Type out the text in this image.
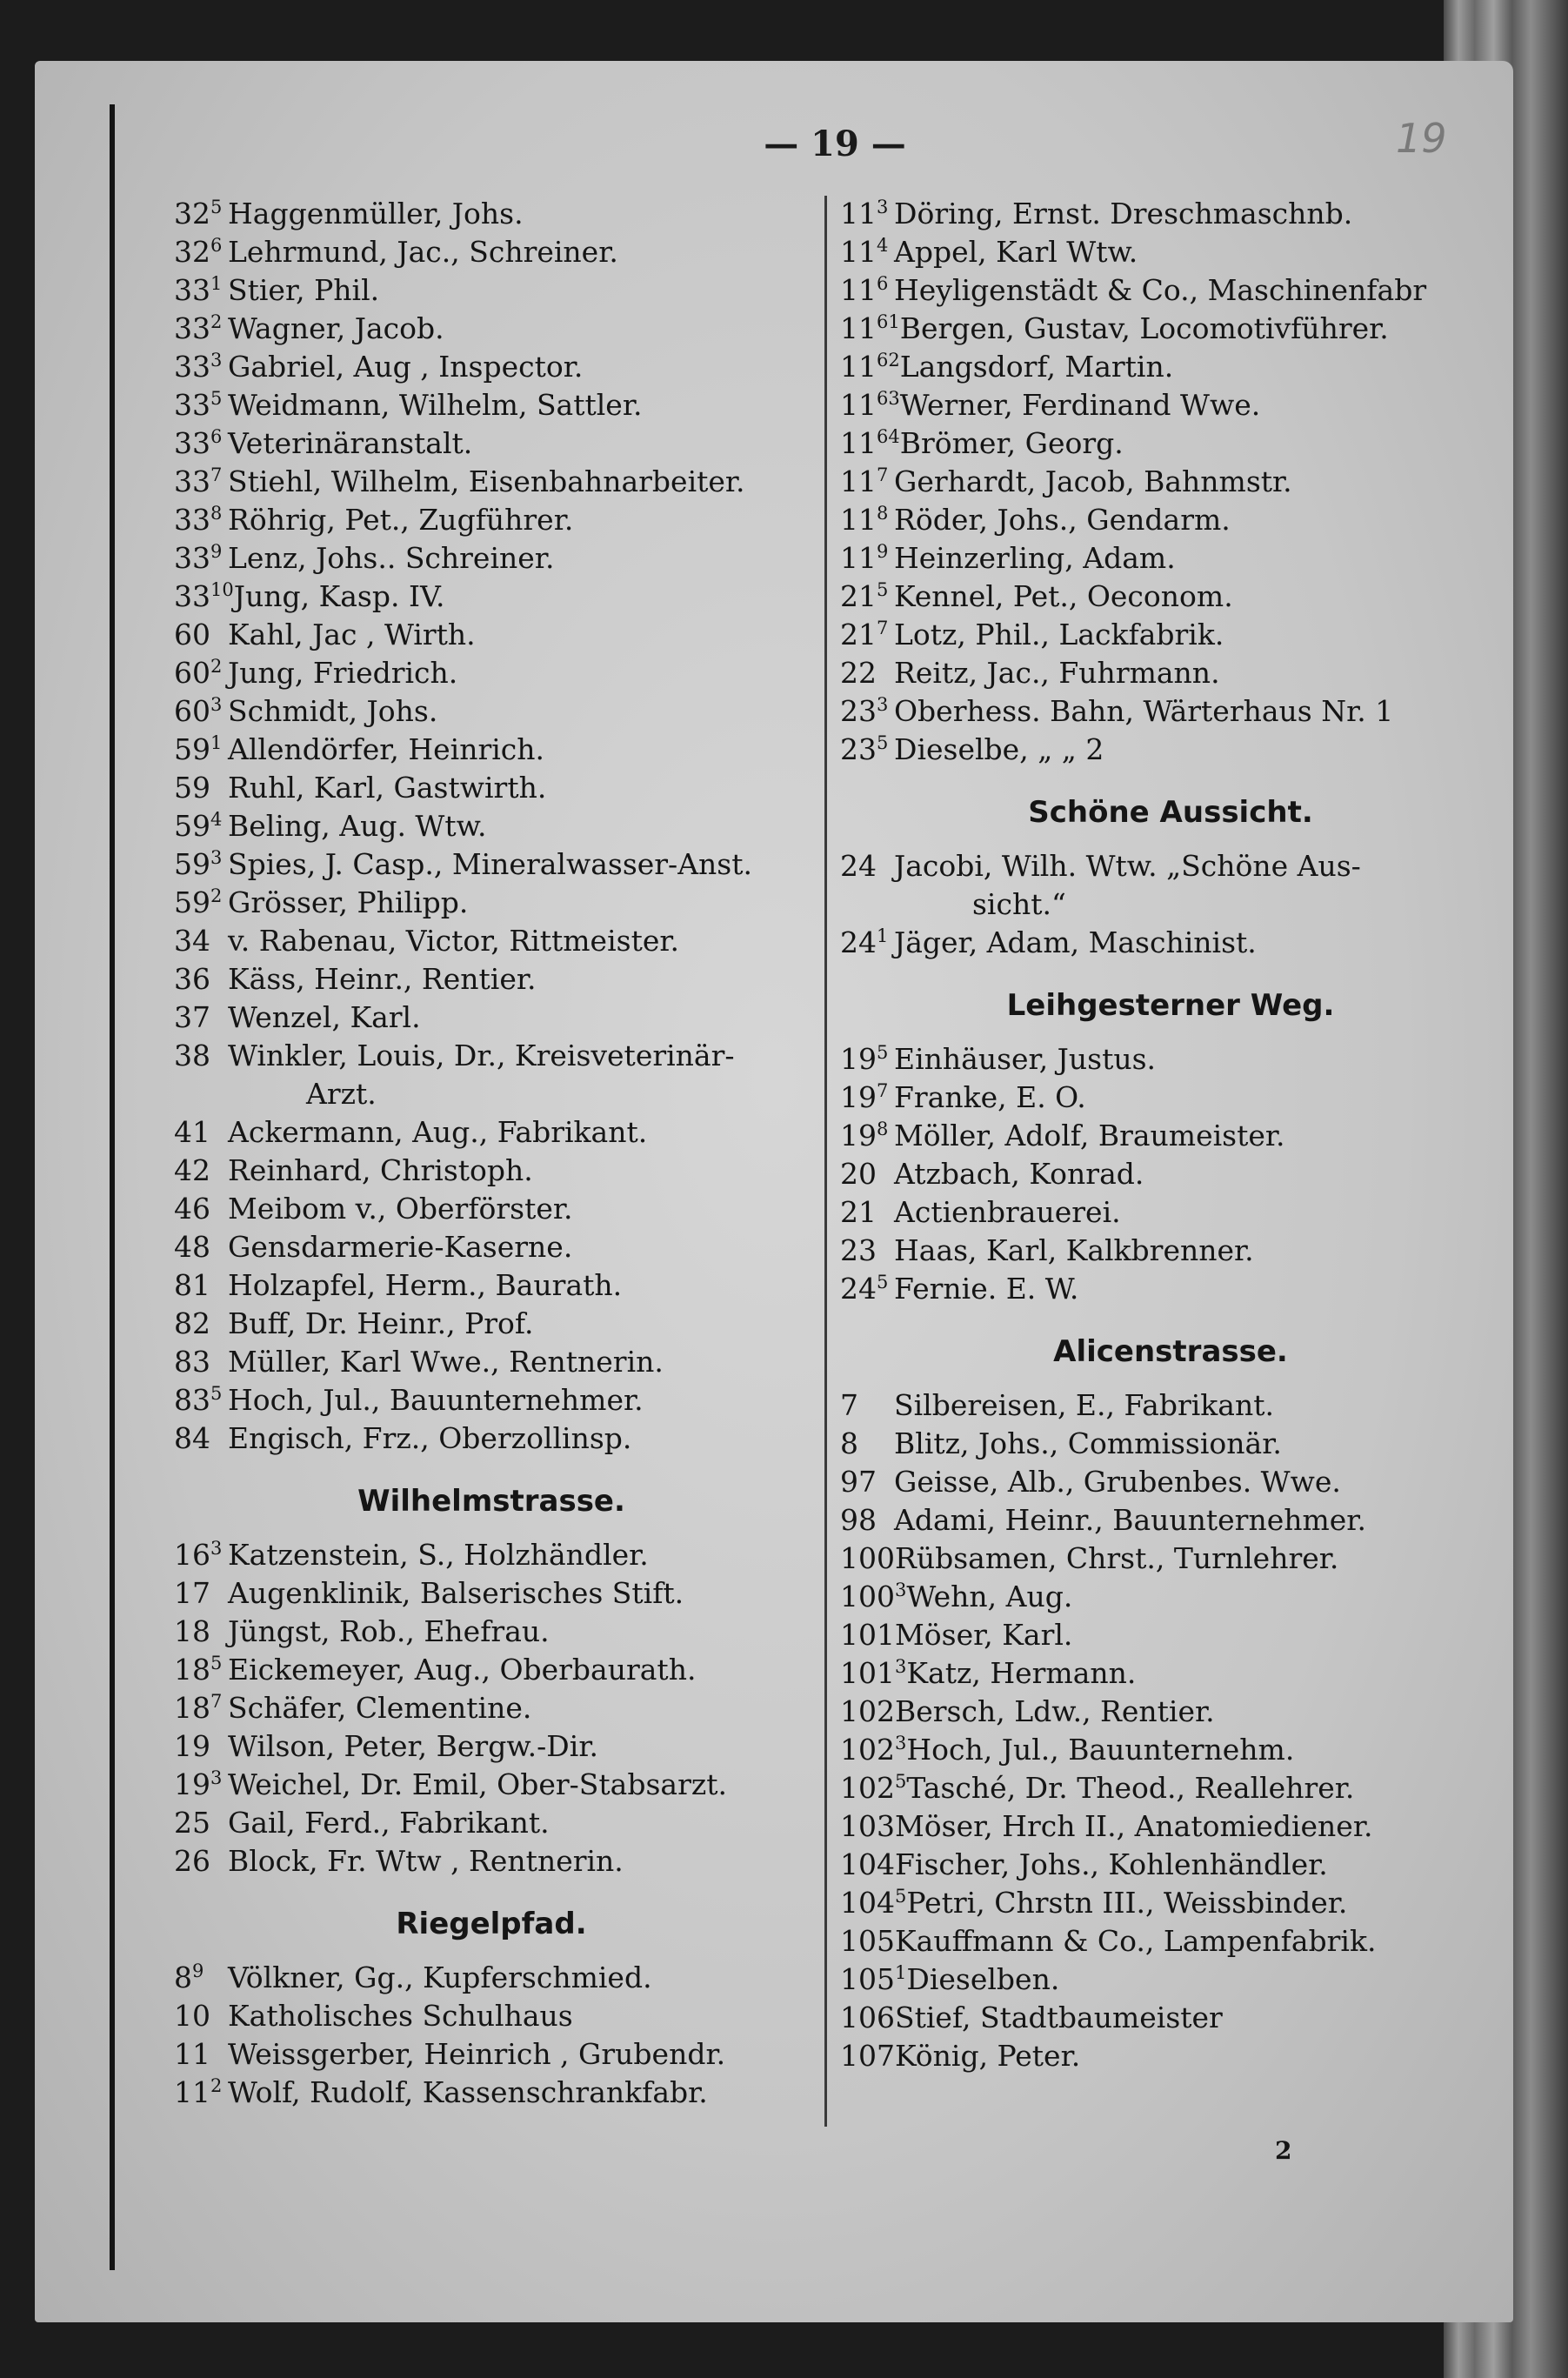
— 19 —	19
$32^5$ Haggenmüller, Johs.
$32^6$ Lehrmund, Jac., Schreiner.
$33^1$ Stier, Phil.
$33^2$ Wagner, Jacob.
$33^3$ Gabriel, Aug , Inspector.
$33^5$ Weidmann, Wilhelm, Sattler.
$33^6$ Veterinäranstalt.
$33^7$ Stiehl, Wilhelm, Eisenbahnarbeiter.
$33^8$ Röhrig, Pet., Zugführer.
$33^9$ Lenz, Johs.. Schreiner.
$33^{10}Jung$, Kasp. IV.
60 Kahl, Jac , Wirth.
$60^2$ Jung, Friedrich.
$60^3$ Schmidt, Johs.
$59^1$ Allendörfer, Heinrich.
59 Ruhl, Karl, Gastwirth.
$59^4$ Beling, Aug. Wtw.
$59^3$ Spies, J. Casp., Mineralwasser-Anst.
$59^2$ Grösser, Philipp.
34 v. Rabenau, Victor, Rittmeister.
36 Käss, Heinr., Rentier.
37 Wenzel, Karl.
38 Winkler, Louis, Dr., Kreisveterinär-
Arzt.
41 Ackermann, Aug., Fabrikant.
42 Reinhard, Christoph.
46 Meibom v., Oberförster.
48 Gensdarmerie-Kaserne.
81 Holzapfel, Herm., Baurath.
82 Buff, Dr. Heinr., Prof.
83 Müller, Karl Wwe., Rentnerin.
$83^5$ Hoch, Jul., Bauunternehmer.
84 Engisch, Frz., Oberzollinsp.
Wilhelmstrasse.
$16^3$ Katzenstein, S., Holzhändler.
17 Augenklinik, Balserisches Stift.
18 Jüngst, Rob., Ehefrau.
$18^5$ Eickemeyer, Aug., Oberbaurath.
$18^7$ Schäfer, Clementine.
19 Wilson, Peter, Bergw.-Dir.
$19^3$ Weichel, Dr. Emil, Ober-Stabsarzt.
25 Gail, Ferd., Fabrikant.
26 Block, Fr. Wtw , Rentnerin.
Riegelpfad.
$8^9$ Völkner, Gg., Kupferschmied.
10 Katholisches Schulhaus
11 Weissgerber, Heinrich , Grubendr.
$11^2$ Wolf, Rudolf, Kassenschrankfabr.
$11^3$ Döring, Ernst. Dreschmaschnb.
$11^4$ Appel, Karl Wtw.
$11^6$ Heyligenstädt & Co., Maschinenfabr
$11^{61}Bergen$, Gustav, Locomotivführer.
$11^{62}Langsdorf$, Martin.
$11^{63}Werner$, Ferdinand Wwe.
$11^{64}Brömer$, Georg.
$11^7$ Gerhardt, Jacob, Bahnmstr.
$11^8$ Röder, Johs., Gendarm.
$11^9$ Heinzerling, Adam.
$21^5$ Kennel, Pet., Oeconom.
$21^7$ Lotz, Phil., Lackfabrik.
22 Reitz, Jac., Fuhrmann.
$23^3$ Oberhess. Bahn, Wärterhaus Nr. 1
$23^5$ Dieselbe, „ „ 2
Schöne Aussicht.
24 Jacobi, Wilh. Wtw. „Schöne Aus-
sicht.“
$24^1$ Jäger, Adam, Maschinist.
Leihgesterner Weg.
$19^5$ Einhäuser, Justus.
$19^7$ Franke, E. O.
$19^8$ Möller, Adolf, Braumeister.
20 Atzbach, Konrad.
21 Actienbrauerei.
23 Haas, Karl, Kalkbrenner.
$24^5$ Fernie. E. W.
Alicenstrasse.
7 Silbereisen, E., Fabrikant.
8 Blitz, Johs., Commissionär.
97 Geisse, Alb., Grubenbes. Wwe.
98 Adami, Heinr., Bauunternehmer.
100Rübsamen, Chrst., Turnlehrer.
$100^3Wehn$, Aug.
101Möser, Karl.
$101^3Katz$, Hermann.
102Bersch, Ldw., Rentier.
$102^3Hoch$, Jul., Bauunternehm.
$102^5Tasché$, Dr. Theod., Reallehrer.
103Möser, Hrch II., Anatomiediener.
104Fischer, Johs., Kohlenhändler.
$104^5Petri$, Chrstn III., Weissbinder.
105Kauffmann & Co., Lampenfabrik.
$105^1Dieselben$.
106Stief, Stadtbaumeister
107König, Peter.
2
